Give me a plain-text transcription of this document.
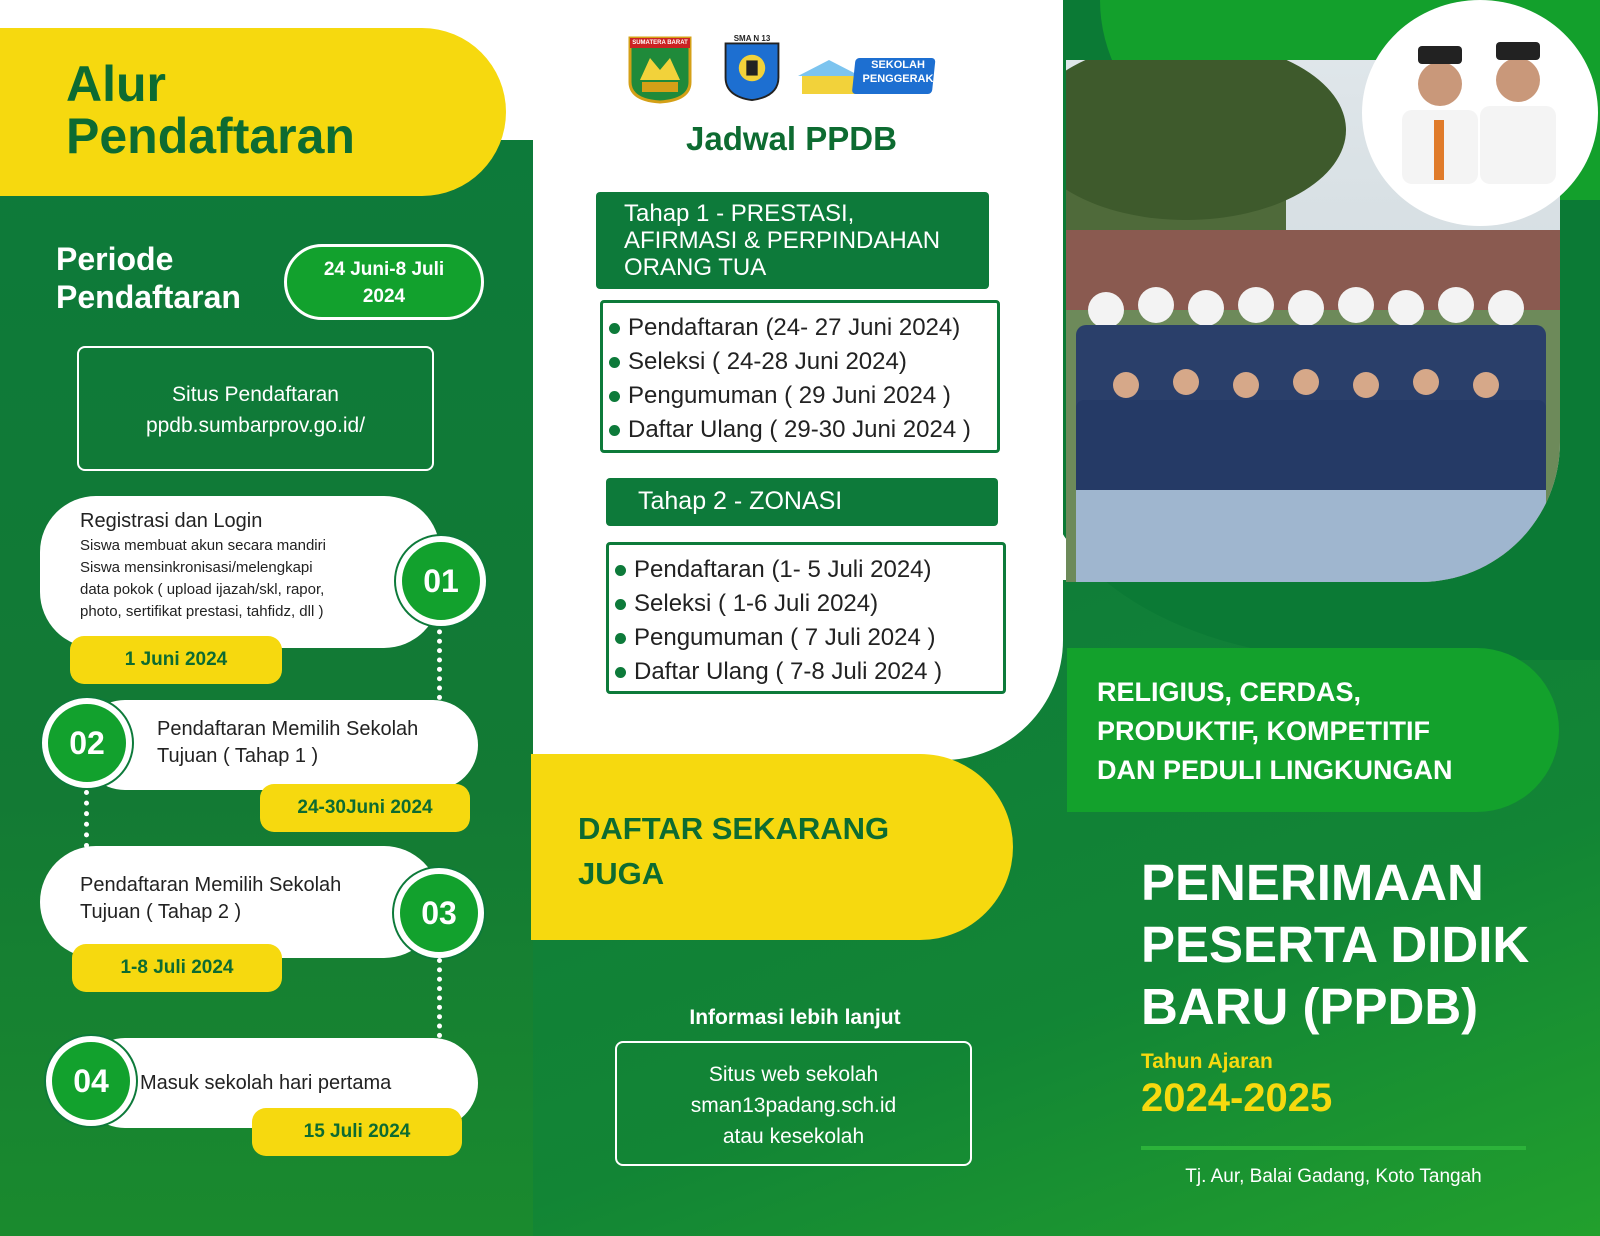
Alur
Pendaftaran
Periode
Pendaftaran
24 Juni-8 Juli
2024
Situs Pendaftaran
ppdb.sumbarprov.go.id/
Registrasi dan Login
Siswa membuat akun secara mandiri
Siswa mensinkronisasi/melengkapi
data pokok ( upload ijazah/skl, rapor,
photo, sertifikat prestasi, tahfidz, dll )
01
1 Juni 2024
02	Pendaftaran Memilih Sekolah
Tujuan ( Tahap 1 )
24-30Juni 2024
Pendaftaran Memilih Sekolah
Tujuan ( Tahap 2 )	03
1-8 Juli 2024
04	Masuk sekolah hari pertama
15 Juli 2024
SUMATERA BARAT	SMA N 13
SEKOLAH
PENGGERAK
Jadwal PPDB
Tahap 1 - PRESTASI,
AFIRMASI & PERPINDAHAN
ORANG TUA
Pendaftaran (24- 27 Juni 2024)
Seleksi ( 24-28 Juni 2024)
Pengumuman ( 29 Juni 2024 )
Daftar Ulang ( 29-30 Juni 2024 )
Tahap 2 - ZONASI
Pendaftaran (1- 5 Juli 2024)
Seleksi ( 1-6 Juli 2024)
Pengumuman ( 7 Juli 2024 )
Daftar Ulang ( 7-8 Juli 2024 )
DAFTAR SEKARANG
JUGA
Informasi lebih lanjut
Situs web sekolah
sman13padang.sch.id
atau kesekolah
RELIGIUS, CERDAS,
PRODUKTIF, KOMPETITIF
DAN PEDULI LINGKUNGAN
PENERIMAAN
PESERTA DIDIK
BARU (PPDB)
Tahun Ajaran
2024-2025
Tj. Aur, Balai Gadang, Koto Tangah
